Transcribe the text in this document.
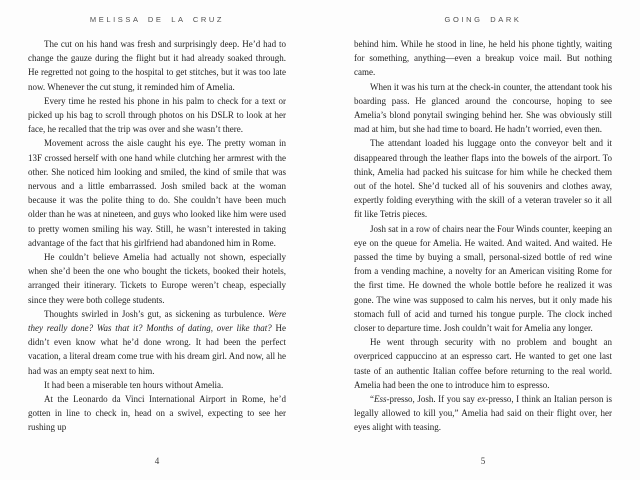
MELISSA DE LA CRUZ

The cut on his hand was fresh and surprisingly deep. He’d had to change the gauze during the flight but it had already soaked through. He regretted not going to the hospital to get stitches, but it was too late now. Whenever the cut stung, it reminded him of Amelia.

Every time he rested his phone in his palm to check for a text or picked up his bag to scroll through photos on his DSLR to look at her face, he recalled that the trip was over and she wasn’t there.

Movement across the aisle caught his eye. The pretty woman in 13F crossed herself with one hand while clutching her armrest with the other. She noticed him looking and smiled, the kind of smile that was nervous and a little embarrassed. Josh smiled back at the woman because it was the polite thing to do. She couldn’t have been much older than he was at nineteen, and guys who looked like him were used to pretty women smiling his way. Still, he wasn’t interested in taking advantage of the fact that his girlfriend had abandoned him in Rome.

He couldn’t believe Amelia had actually not shown, especially when she’d been the one who bought the tickets, booked their hotels, arranged their itinerary. Tickets to Europe weren’t cheap, especially since they were both college students.

Thoughts swirled in Josh’s gut, as sickening as turbulence. Were they really done? Was that it? Months of dating, over like that? He didn’t even know what he’d done wrong. It had been the perfect vacation, a literal dream come true with his dream girl. And now, all he had was an empty seat next to him.

It had been a miserable ten hours without Amelia.

At the Leonardo da Vinci International Airport in Rome, he’d gotten in line to check in, head on a swivel, expecting to see her rushing up

4
GOING DARK

behind him. While he stood in line, he held his phone tightly, waiting for something, anything—even a breakup voice mail. But nothing came.

When it was his turn at the check-in counter, the attendant took his boarding pass. He glanced around the concourse, hoping to see Amelia’s blond ponytail swinging behind her. She was obviously still mad at him, but she had time to board. He hadn’t worried, even then.

The attendant loaded his luggage onto the conveyor belt and it disappeared through the leather flaps into the bowels of the airport. To think, Amelia had packed his suitcase for him while he checked them out of the hotel. She’d tucked all of his souvenirs and clothes away, expertly folding everything with the skill of a veteran traveler so it all fit like Tetris pieces.

Josh sat in a row of chairs near the Four Winds counter, keeping an eye on the queue for Amelia. He waited. And waited. And waited. He passed the time by buying a small, personal-sized bottle of red wine from a vending machine, a novelty for an American visiting Rome for the first time. He downed the whole bottle before he realized it was gone. The wine was supposed to calm his nerves, but it only made his stomach full of acid and turned his tongue purple. The clock inched closer to departure time. Josh couldn’t wait for Amelia any longer.

He went through security with no problem and bought an overpriced cappuccino at an espresso cart. He wanted to get one last taste of an authentic Italian coffee before returning to the real world. Amelia had been the one to introduce him to espresso.

“Ess-presso, Josh. If you say ex-presso, I think an Italian person is legally allowed to kill you,” Amelia had said on their flight over, her eyes alight with teasing.

5
